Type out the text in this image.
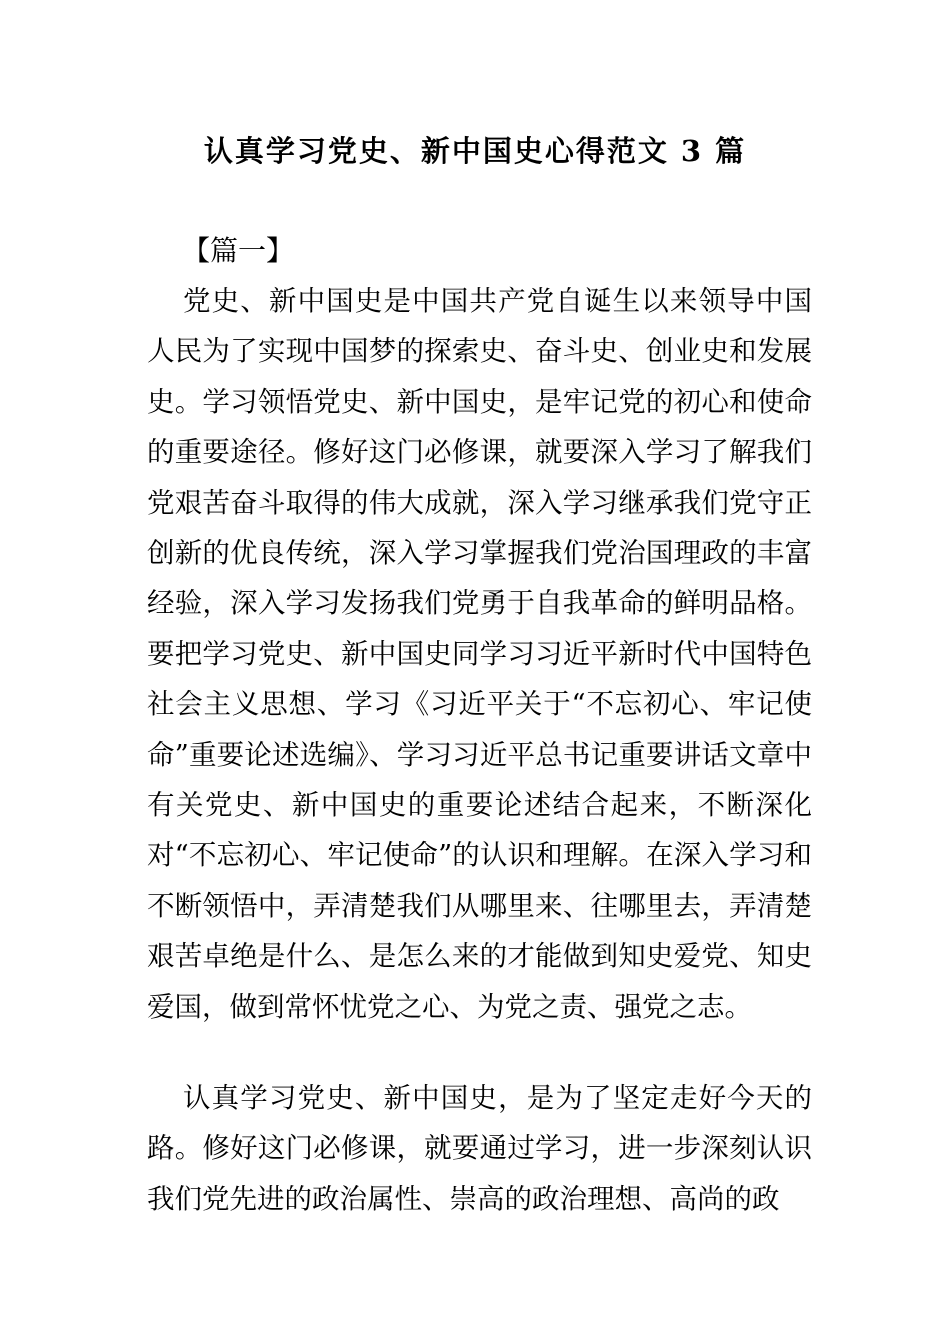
认真学习党史、新中国史心得范文 3 篇

【篇一】

党史、新中国史是中国共产党自诞生以来领导中国人民为了实现中国梦的探索史、奋斗史、创业史和发展史。学习领悟党史、新中国史，是牢记党的初心和使命的重要途径。修好这门必修课，就要深入学习了解我们党艰苦奋斗取得的伟大成就，深入学习继承我们党守正创新的优良传统，深入学习掌握我们党治国理政的丰富经验，深入学习发扬我们党勇于自我革命的鲜明品格。要把学习党史、新中国史同学习习近平新时代中国特色社会主义思想、学习《习近平关于“不忘初心、牢记使命”重要论述选编》、学习习近平总书记重要讲话文章中有关党史、新中国史的重要论述结合起来，不断深化对“不忘初心、牢记使命”的认识和理解。在深入学习和不断领悟中，弄清楚我们从哪里来、往哪里去，弄清楚艰苦卓绝是什么、是怎么来的才能做到知史爱党、知史爱国，做到常怀忧党之心、为党之责、强党之志。

认真学习党史、新中国史，是为了坚定走好今天的路。修好这门必修课，就要通过学习，进一步深刻认识我们党先进的政治属性、崇高的政治理想、高尚的政
